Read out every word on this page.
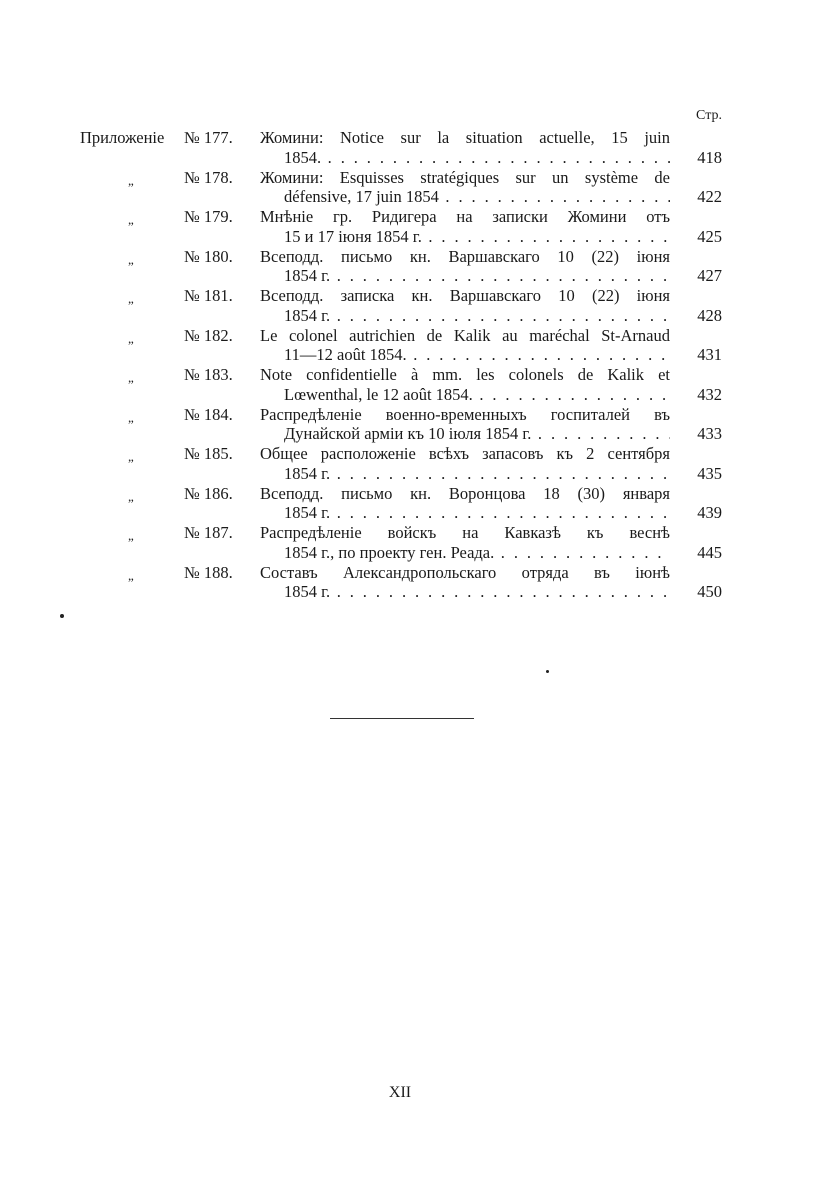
Стр.
Приложеніе № 177. Жомини: Notice sur la situation actuelle, 15 juin
1854. . . .	418
„	№ 178. Жомини: Esquisses stratégiques sur un système de
défensive, 17 juin 1854 . . .	422
„	№ 179. Мнѣніе гр. Ридигера на записки Жомини отъ
15 и 17 іюня 1854 г. . . .	425
„	№ 180. Всеподд. письмо кн. Варшавскаго 10 (22) іюня
1854 г. . . .	427
„	№ 181. Всеподд. записка кн. Варшавскаго 10 (22) іюня
1854 г. . . .	428
„	№ 182. Le colonel autrichien de Kalik au maréchal St-Arnaud
11—12 août 1854. . . .	431
„	№ 183. Note confidentielle à mm. les colonels de Kalik et
Lœwenthal, le 12 août 1854. . . .	432
„	№ 184. Распредѣленіе военно-временныхъ госпиталей въ
Дунайской арміи къ 10 іюля 1854 г. . . .	433
„	№ 185. Общее расположеніе всѣхъ запасовъ къ 2 сентября
1854 г. . . .	435
„	№ 186. Всеподд. письмо кн. Воронцова 18 (30) января
1854 г. . . .	439
„	№ 187. Распредѣленіе войскъ на Кавказѣ къ веснѣ
1854 г., по проекту ген. Реада. . . .	445
„	№ 188. Составъ Александропольскаго отряда въ іюнѣ
1854 г. . . .	450
XII
